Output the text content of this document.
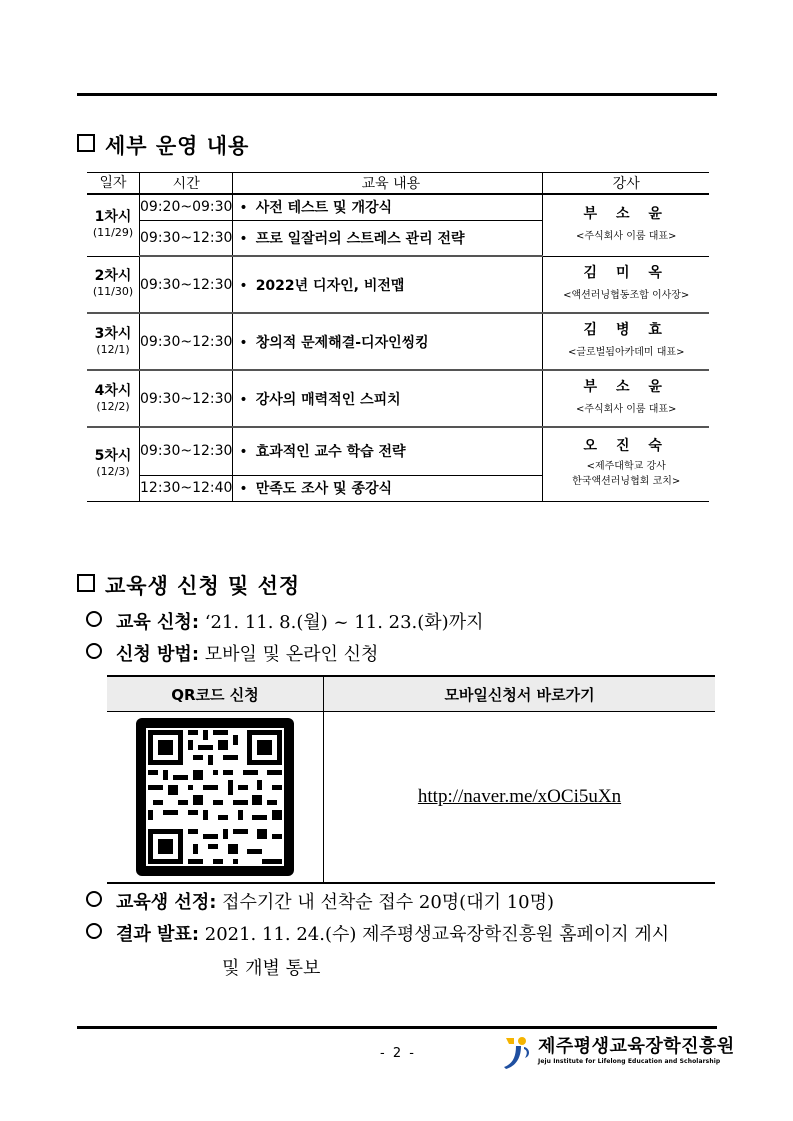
세부 운영 내용
일자	시간	교육 내용	강사

1차시
(11/29)	09:20~09:30	• 사전 테스트 및 개강식	부 소 윤
<주식회사 이룸 대표>

	09:30~12:30	• 프로 일잘러의 스트레스 관리 전략	

2차시
(11/30)	09:30~12:30	• 2022년 디자인, 비전맵	김 미 옥
<액션러닝협동조합 이사장>

3차시
(12/1)	09:30~12:30	• 창의적 문제해결-디자인씽킹	김 병 효
<글로벌됨아카데미 대표>

4차시
(12/2)	09:30~12:30	• 강사의 매력적인 스피치	부 소 윤
<주식회사 이룸 대표>

5차시
(12/3)	09:30~12:30	• 효과적인 교수 학습 전략	오 진 숙
<제주대학교 강사
한국액션러닝협회 코치>

	12:30~12:40	• 만족도 조사 및 종강식	
교육생 신청 및 선정
교육 신청: ‘21. 11. 8.(월) ~ 11. 23.(화)까지
신청 방법: 모바일 및 온라인 신청
QR코드 신청	모바일신청서 바로가기

	http://naver.me/xOCi5uXn
교육생 선정: 접수기간 내 선착순 접수 20명(대기 10명)
결과 발표: 2021. 11. 24.(수) 제주평생교육장학진흥원 홈페이지 게시
및 개별 통보
- 2 -	제주평생교육장학진흥원
Jeju Institute for Lifelong Education and Scholarship
